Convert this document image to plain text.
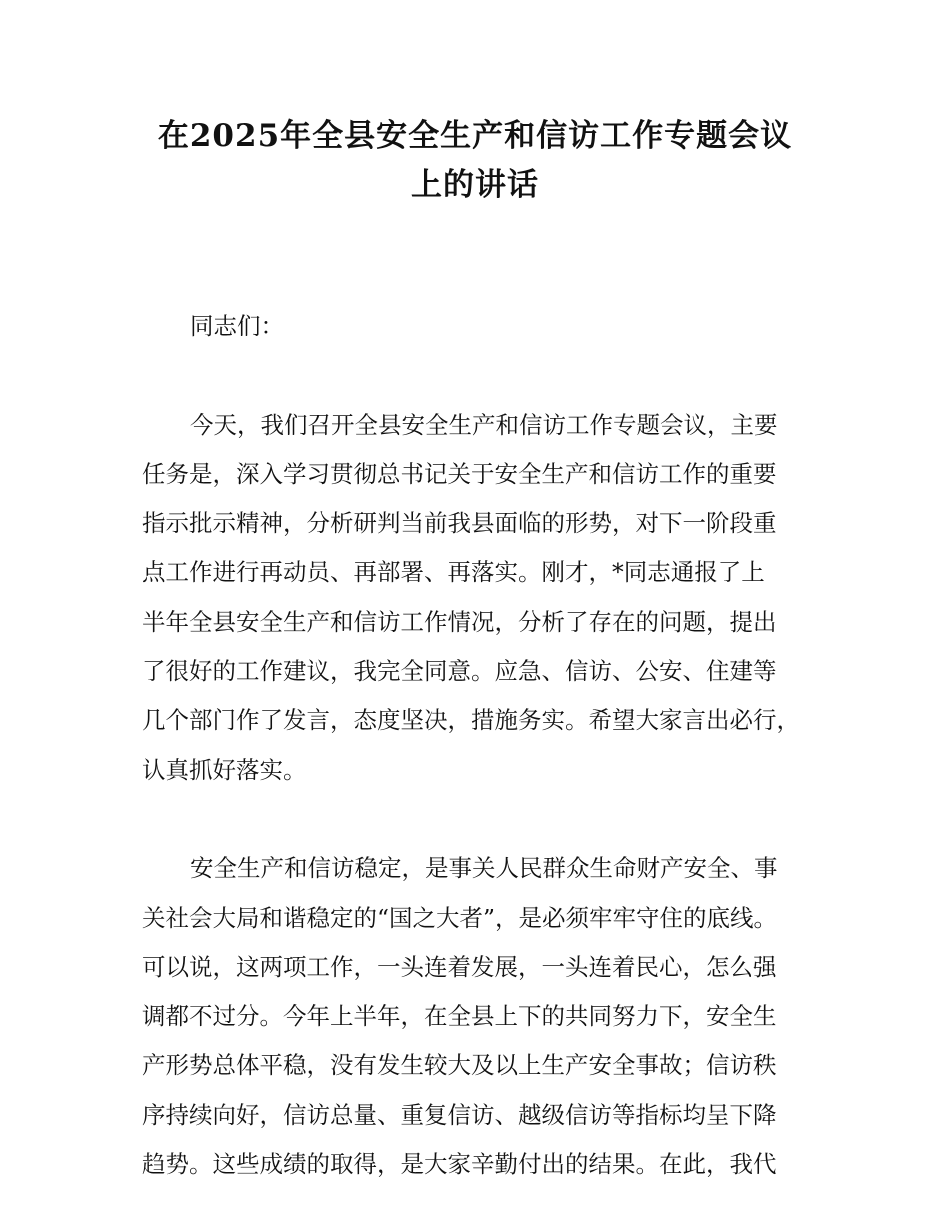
在2025年全县安全生产和信访工作专题会议
上的讲话
同志们：
今天，我们召开全县安全生产和信访工作专题会议，主要
任务是，深入学习贯彻总书记关于安全生产和信访工作的重要
指示批示精神，分析研判当前我县面临的形势，对下一阶段重
点工作进行再动员、再部署、再落实。刚才，*同志通报了上
半年全县安全生产和信访工作情况，分析了存在的问题，提出
了很好的工作建议，我完全同意。应急、信访、公安、住建等
几个部门作了发言，态度坚决，措施务实。希望大家言出必行，
认真抓好落实。
安全生产和信访稳定，是事关人民群众生命财产安全、事
关社会大局和谐稳定的“国之大者”，是必须牢牢守住的底线。
可以说，这两项工作，一头连着发展，一头连着民心，怎么强
调都不过分。今年上半年，在全县上下的共同努力下，安全生
产形势总体平稳，没有发生较大及以上生产安全事故；信访秩
序持续向好，信访总量、重复信访、越级信访等指标均呈下降
趋势。这些成绩的取得，是大家辛勤付出的结果。在此，我代
